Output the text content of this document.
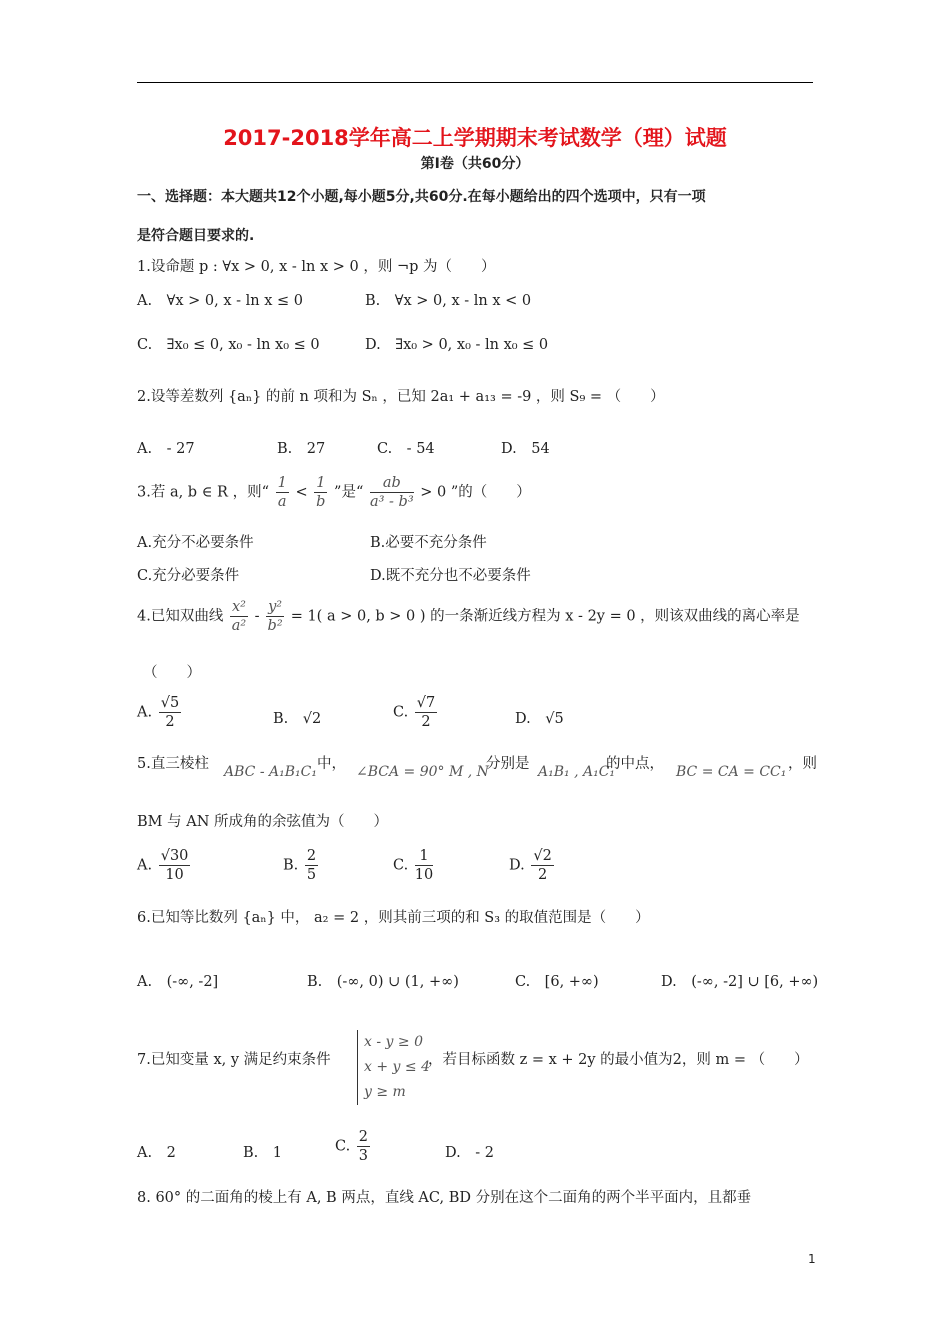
2017-2018学年高二上学期期末考试数学（理）试题
第Ⅰ卷（共60分）
一、选择题：本大题共12个小题,每小题5分,共60分.在每小题给出的四个选项中，只有一项
是符合题目要求的.
1.设命题 p : ∀x > 0, x - ln x > 0 ，则 ¬p 为（　　）
A.　∀x > 0, x - ln x ≤ 0	B.　∀x > 0, x - ln x < 0
C.　∃x₀ ≤ 0, x₀ - ln x₀ ≤ 0	D.　∃x₀ > 0, x₀ - ln x₀ ≤ 0
2.设等差数列 {aₙ} 的前 n 项和为 Sₙ ，已知 2a₁ + a₁₃ = -9 ，则 S₉ = （　　）
A.　- 27	B.　27	C.　- 54	D.　54
3.若 a, b ∈ R ，则“ $\frac{1}{a} < \frac{1}{b}$ ”是“ $\frac{ab}{\text{a³ - b³}} > 0$ ”的（　　）
A.充分不必要条件	B.必要不充分条件
C.充分必要条件	D.既不充分也不必要条件
4.已知双曲线 $\frac{\text{x²}}{\text{a²}} - \frac{\text{y²}}{\text{b²}} = 1$( a > 0, b > 0 ) 的一条渐近线方程为 x - 2y = 0 ，则该双曲线的离心率是
（　　）
A. $\frac{√5}{2}$	B.　√2	C. $\frac{√7}{2}$	D.　√5
5.直三棱柱 ABC - A₁B₁C₁ 中， ∠BCA = 90° M , N
分别是 A₁B₁ , A₁C₁
的中点， BC = CA = CC₁ ，则
BM 与 AN 所成角的余弦值为（　　）
A. $\frac{√30}{10}$	B. $\frac{2}{5}$	C. $\frac{1}{10}$	D. $\frac{√2}{2}$
6.已知等比数列 {aₙ} 中， a₂ = 2 ，则其前三项的和 S₃ 的取值范围是（　　）
A.　(-∞, -2]	B.　(-∞, 0) ∪ (1, +∞)	C.　[6, +∞)	D.　(-∞, -2] ∪ [6, +∞)
7.已知变量 x, y 满足约束条件
x - y ≥ 0
x + y ≤ 4
y ≥ m
，若目标函数 z = x + 2y 的最小值为2，则 m = （　　）
A.　2	B.　1	C. $\frac{2}{3}$	D.　- 2
8. 60° 的二面角的棱上有 A, B 两点，直线 AC, BD 分别在这个二面角的两个半平面内，且都垂
1
